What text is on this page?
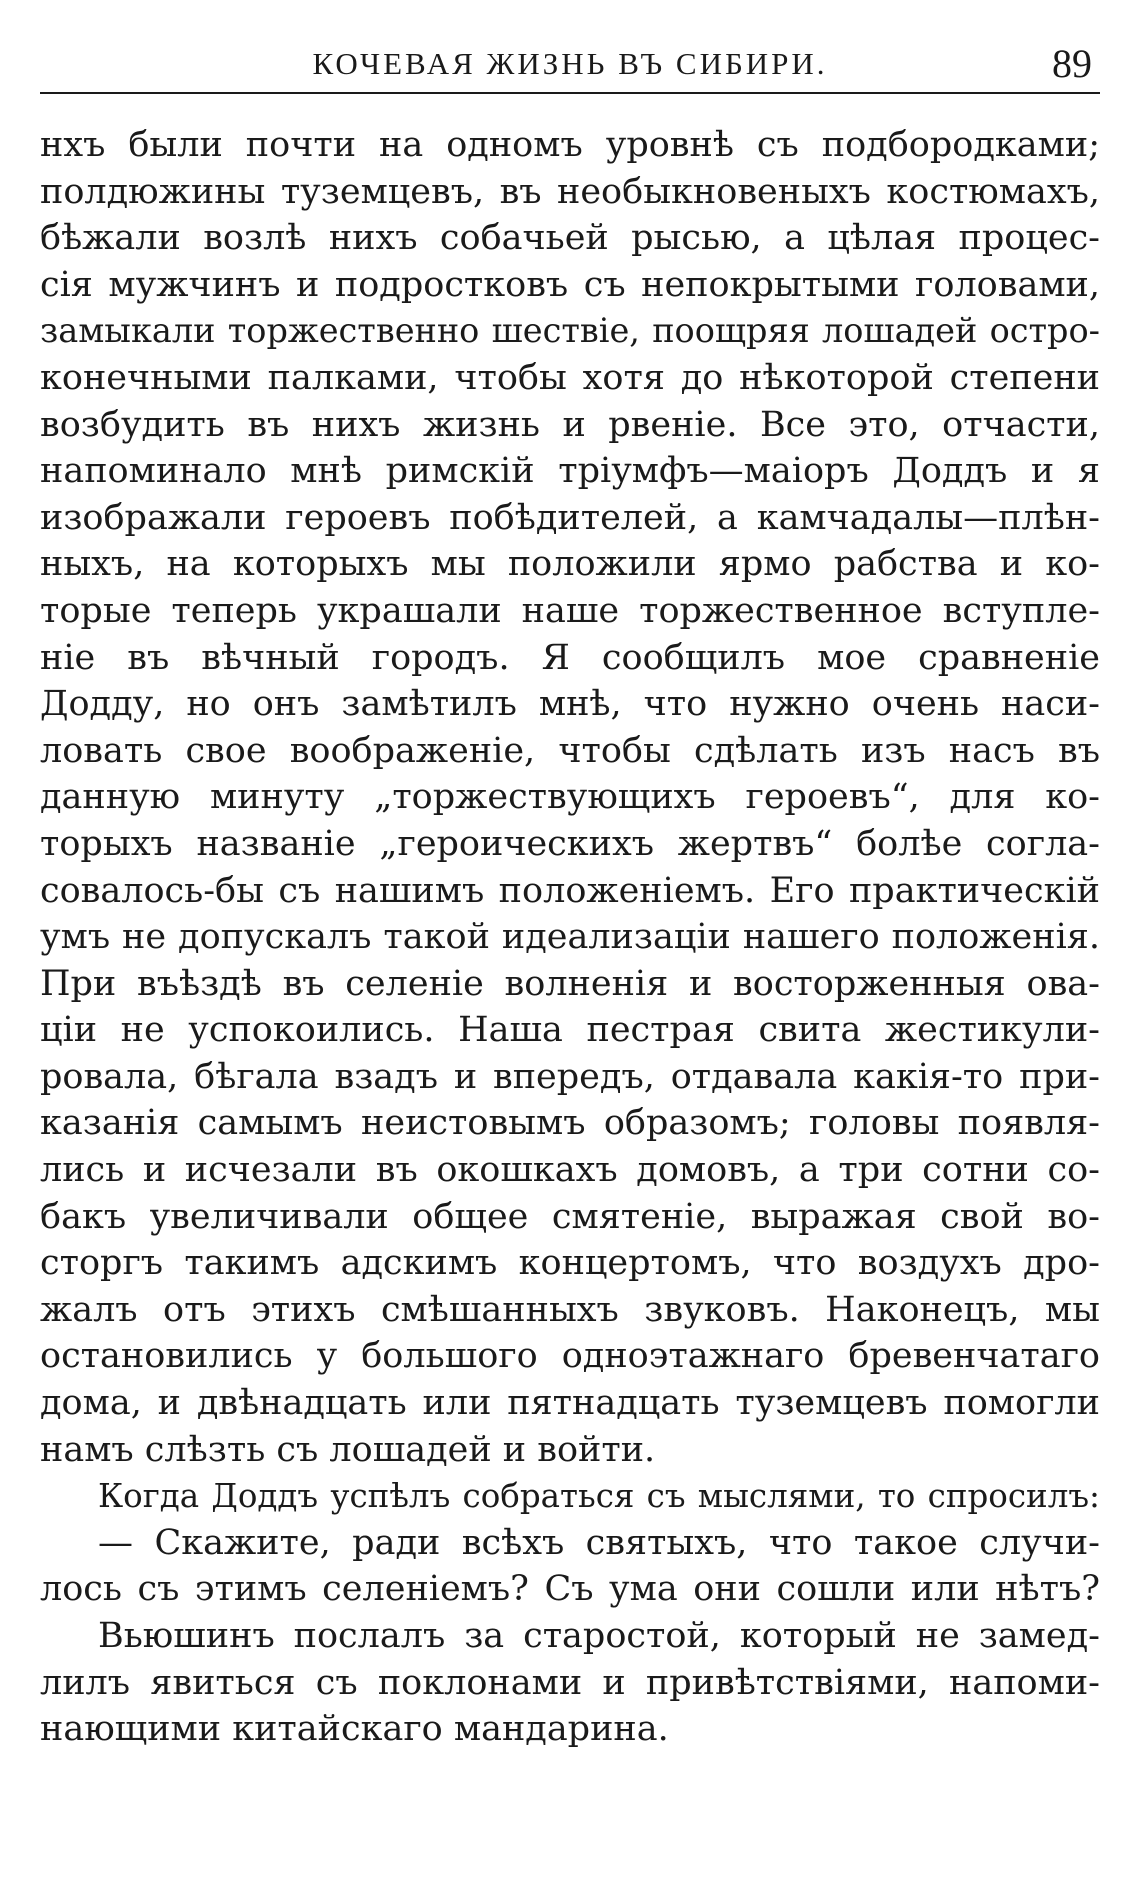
КОЧЕВАЯ ЖИЗНЬ ВЪ СИБИРИ.	89
нхъ были почти на одномъ уровнѣ съ подбородками;
полдюжины туземцевъ, въ необыкновеныхъ костюмахъ,
бѣжали возлѣ нихъ собачьей рысью, а цѣлая процес-
сія мужчинъ и подростковъ съ непокрытыми головами,
замыкали торжественно шествіе, поощряя лошадей остро-
конечными палками, чтобы хотя до нѣкоторой степени
возбудить въ нихъ жизнь и рвеніе. Все это, отчасти,
напоминало мнѣ римскій тріумфъ—маіоръ Доддъ и я
изображали героевъ побѣдителей, а камчадалы—плѣн-
ныхъ, на которыхъ мы положили ярмо рабства и ко-
торые теперь украшали наше торжественное вступле-
ніе въ вѣчный городъ. Я сообщилъ мое сравненіе
Додду, но онъ замѣтилъ мнѣ, что нужно очень наси-
ловать свое воображеніе, чтобы сдѣлать изъ насъ въ
данную минуту „торжествующихъ героевъ“, для ко-
торыхъ названіе „героическихъ жертвъ“ болѣе согла-
совалось-бы съ нашимъ положеніемъ. Его практическій
умъ не допускалъ такой идеализаціи нашего положенія.
При въѣздѣ въ селеніе волненія и восторженныя ова-
ціи не успокоились. Наша пестрая свита жестикули-
ровала, бѣгала взадъ и впередъ, отдавала какія-то при-
казанія самымъ неистовымъ образомъ; головы появля-
лись и исчезали въ окошкахъ домовъ, а три сотни со-
бакъ увеличивали общее смятеніе, выражая свой во-
сторгъ такимъ адскимъ концертомъ, что воздухъ дро-
жалъ отъ этихъ смѣшанныхъ звуковъ. Наконецъ, мы
остановились у большого одноэтажнаго бревенчатаго
дома, и двѣнадцать или пятнадцать туземцевъ помогли
намъ слѣзть съ лошадей и войти.
Когда Доддъ успѣлъ собраться съ мыслями, то спросилъ:
— Скажите, ради всѣхъ святыхъ, что такое случи-
лось съ этимъ селеніемъ? Съ ума они сошли или нѣтъ?
Вьюшинъ послалъ за старостой, который не замед-
лилъ явиться съ поклонами и привѣтствіями, напоми-
нающими китайскаго мандарина.
